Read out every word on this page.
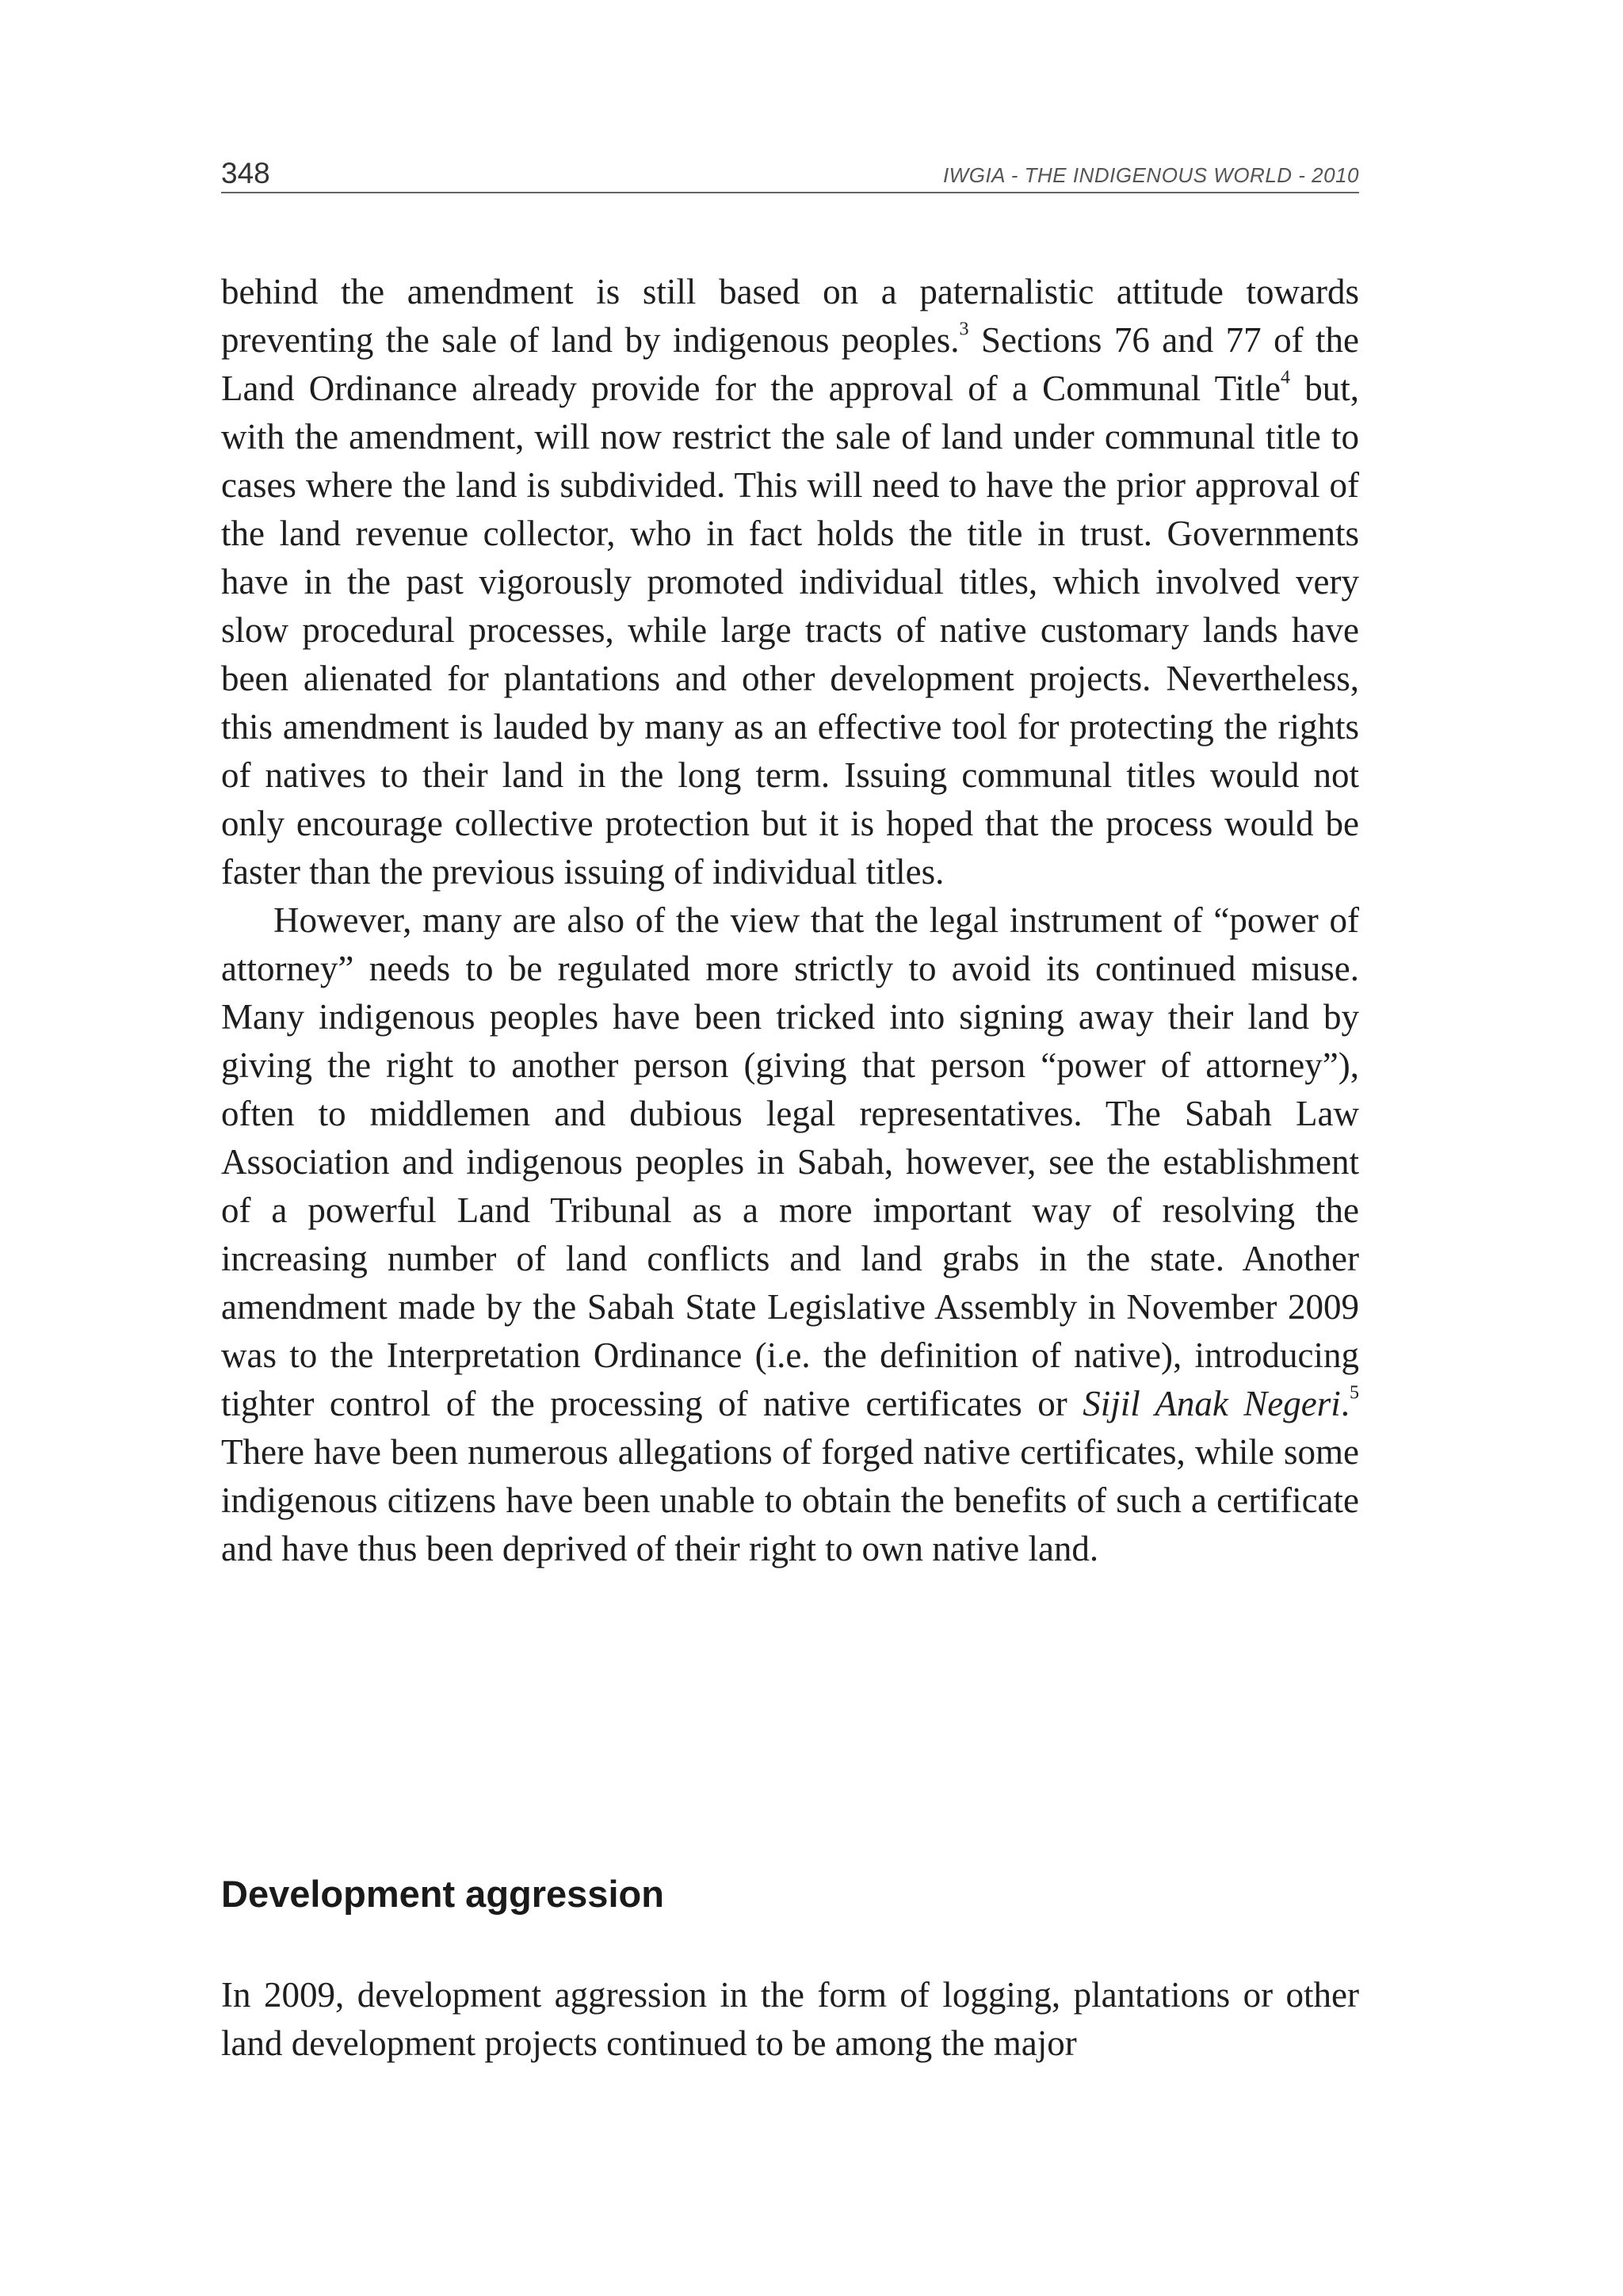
348	IWGIA - THE INDIGENOUS WORLD - 2010

behind the amendment is still based on a paternalistic attitude towards preventing the sale of land by indigenous peoples.$^3$ Sections 76 and 77 of the Land Ordinance already provide for the approval of a Communal Title$^4$ but, with the amendment, will now restrict the sale of land under communal title to cases where the land is subdivided. This will need to have the prior approval of the land revenue collector, who in fact holds the title in trust. Governments have in the past vigorously promoted individual titles, which involved very slow procedural processes, while large tracts of native customary lands have been alienated for plantations and other development projects. Nevertheless, this amendment is lauded by many as an effective tool for protecting the rights of natives to their land in the long term. Issuing communal titles would not only encourage collective protection but it is hoped that the process would be faster than the previous issuing of individual titles.

However, many are also of the view that the legal instrument of “power of attorney” needs to be regulated more strictly to avoid its continued misuse. Many indigenous peoples have been tricked into signing away their land by giving the right to another person (giving that person “power of attorney”), often to middlemen and dubious legal representatives. The Sabah Law Association and indigenous peoples in Sabah, however, see the establishment of a powerful Land Tribunal as a more important way of resolving the increasing number of land conflicts and land grabs in the state. Another amendment made by the Sabah State Legislative Assembly in November 2009 was to the Interpretation Ordinance (i.e. the definition of native), introducing tighter control of the processing of native certificates or Sijil Anak Negeri.$^5$ There have been numerous allegations of forged native certificates, while some indigenous citizens have been unable to obtain the benefits of such a certificate and have thus been deprived of their right to own native land.

Development aggression

In 2009, development aggression in the form of logging, plantations or other land development projects continued to be among the major
